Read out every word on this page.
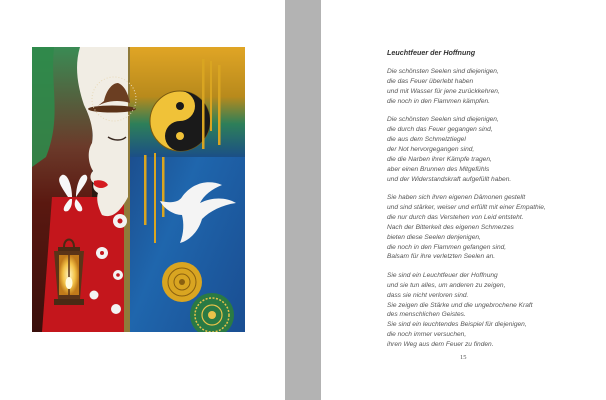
Leuchtfeuer der Hoffnung
Die schönsten Seelen sind diejenigen,
die das Feuer überlebt haben
und mit Wasser für jene zurückkehren,
die noch in den Flammen kämpfen.
Die schönsten Seelen sind diejenigen,
die durch das Feuer gegangen sind,
die aus dem Schmelztiegel
der Not hervorgegangen sind,
die die Narben ihrer Kämpfe tragen,
aber einen Brunnen des Mitgefühls
und der Widerstandskraft aufgefüllt haben.
Sie haben sich ihren eigenen Dämonen gestellt
und sind stärker, weiser und erfüllt mit einer Empathie,
die nur durch das Verstehen von Leid entsteht.
Nach der Bitterkeit des eigenen Schmerzes
bieten diese Seelen denjenigen,
die noch in den Flammen gefangen sind,
Balsam für ihre verletzten Seelen an.
Sie sind ein Leuchtfeuer der Hoffnung
und sie tun alles, um anderen zu zeigen,
dass sie nicht verloren sind.
Sie zeigen die Stärke und die ungebrochene Kraft
des menschlichen Geistes.
Sie sind ein leuchtendes Beispiel für diejenigen,
die noch immer versuchen,
ihren Weg aus dem Feuer zu finden.
15
